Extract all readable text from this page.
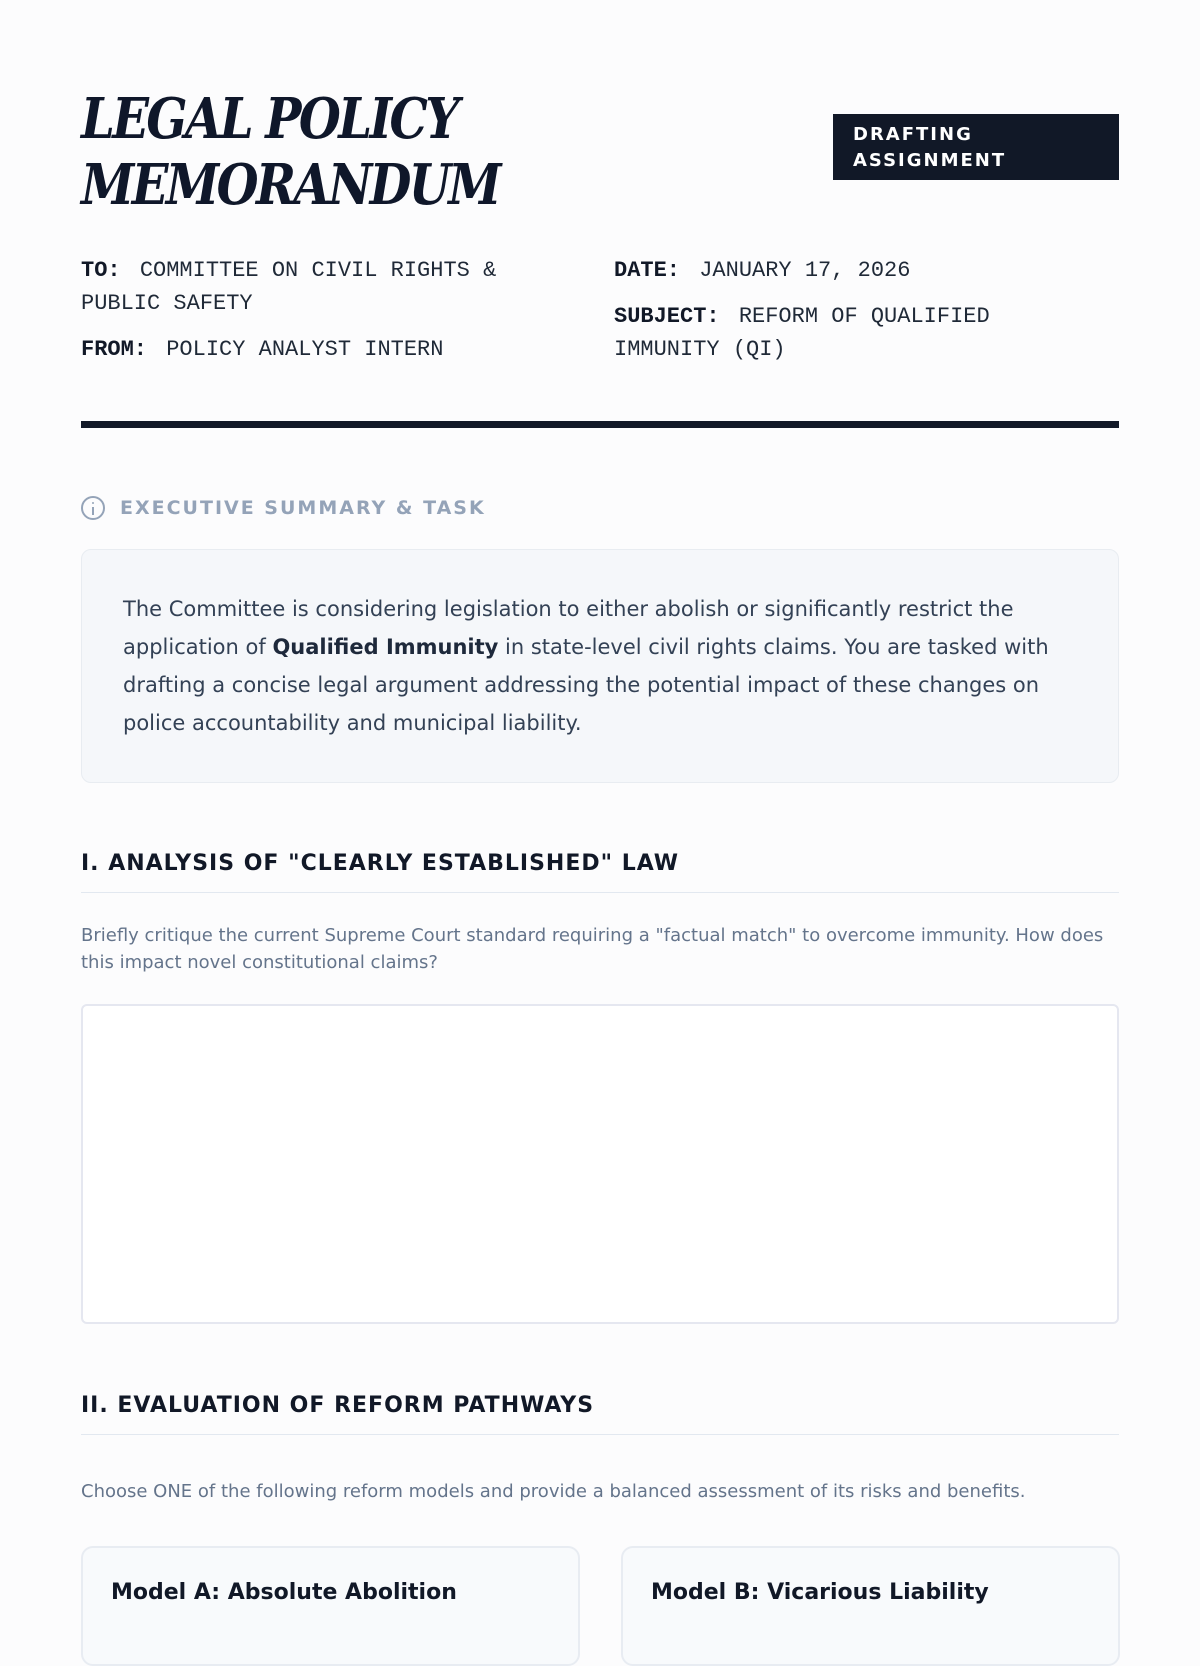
LEGAL POLICY
MEMORANDUM
DRAFTING
ASSIGNMENT
TO: COMMITTEE ON CIVIL RIGHTS & PUBLIC SAFETY
FROM: POLICY ANALYST INTERN
DATE: JANUARY 17, 2026
SUBJECT: REFORM OF QUALIFIED IMMUNITY (QI)
EXECUTIVE SUMMARY & TASK

The Committee is considering legislation to either abolish or significantly restrict the application of Qualified Immunity in state-level civil rights claims. You are tasked with drafting a concise legal argument addressing the potential impact of these changes on police accountability and municipal liability.

I. ANALYSIS OF "CLEARLY ESTABLISHED" LAW

Briefly critique the current Supreme Court standard requiring a "factual match" to overcome immunity. How does this impact novel constitutional claims?

II. EVALUATION OF REFORM PATHWAYS

Choose ONE of the following reform models and provide a balanced assessment of its risks and benefits.

Model A: Absolute Abolition	Model B: Vicarious Liability
